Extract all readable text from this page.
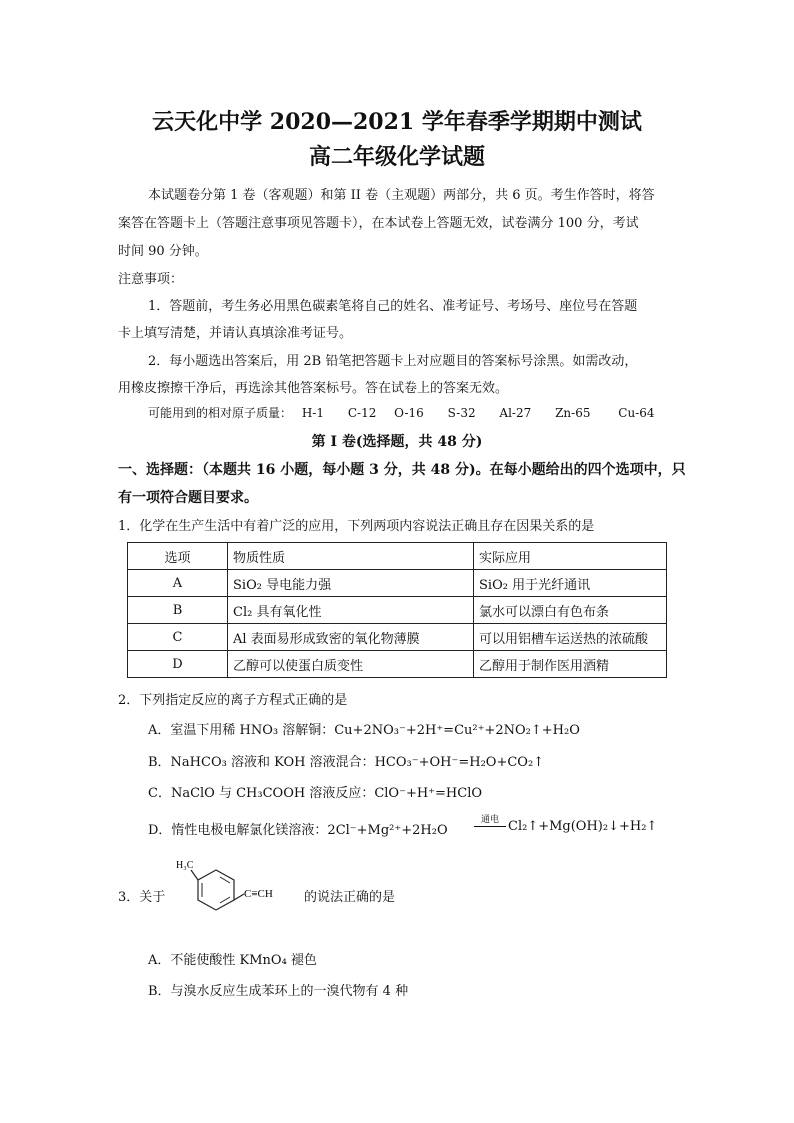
云天化中学 2020—2021 学年春季学期期中测试
高二年级化学试题
本试题卷分第 1 卷（客观题）和第 II 卷（主观题）两部分，共 6 页。考生作答时，将答
案答在答题卡上（答题注意事项见答题卡），在本试卷上答题无效，试卷满分 100 分，考试
时间 90 分钟。
注意事项：
1．答题前，考生务必用黑色碳素笔将自己的姓名、准考证号、考场号、座位号在答题
卡上填写清楚，并请认真填涂准考证号。
2．每小题选出答案后，用 2B 铅笔把答题卡上对应题目的答案标号涂黑。如需改动，
用橡皮擦擦干净后，再选涂其他答案标号。答在试卷上的答案无效。
可能用到的相对原子质量： H-1 C-12 O-16 S-32 Al-27 Zn-65 Cu-64
第 I 卷(选择题，共 48 分)
一、选择题：（本题共 16 小题，每小题 3 分，共 48 分)。在每小题给出的四个选项中，只
有一项符合题目要求。
1．化学在生产生活中有着广泛的应用，下列两项内容说法正确且存在因果关系的是
选项	物质性质	实际应用
A	SiO₂ 导电能力强	SiO₂ 用于光纤通讯
B	Cl₂ 具有氧化性	氯水可以漂白有色布条
C	Al 表面易形成致密的氧化物薄膜	可以用铝槽车运送热的浓硫酸
D	乙醇可以使蛋白质变性	乙醇用于制作医用酒精
2．下列指定反应的离子方程式正确的是
A．室温下用稀 HNO₃ 溶解铜：Cu+2NO₃⁻+2H⁺=Cu²⁺+2NO₂↑+H₂O
B．NaHCO₃ 溶液和 KOH 溶液混合：HCO₃⁻+OH⁻=H₂O+CO₂↑
C．NaClO 与 CH₃COOH 溶液反应：ClO⁻+H⁺=HClO
D．惰性电极电解氯化镁溶液：2Cl⁻+Mg²⁺+2H₂O
通电 Cl₂↑+Mg(OH)₂↓+H₂↑
3．关于
H₃C
C≡CH 的说法正确的是
A．不能使酸性 KMnO₄ 褪色
B．与溴水反应生成苯环上的一溴代物有 4 种
